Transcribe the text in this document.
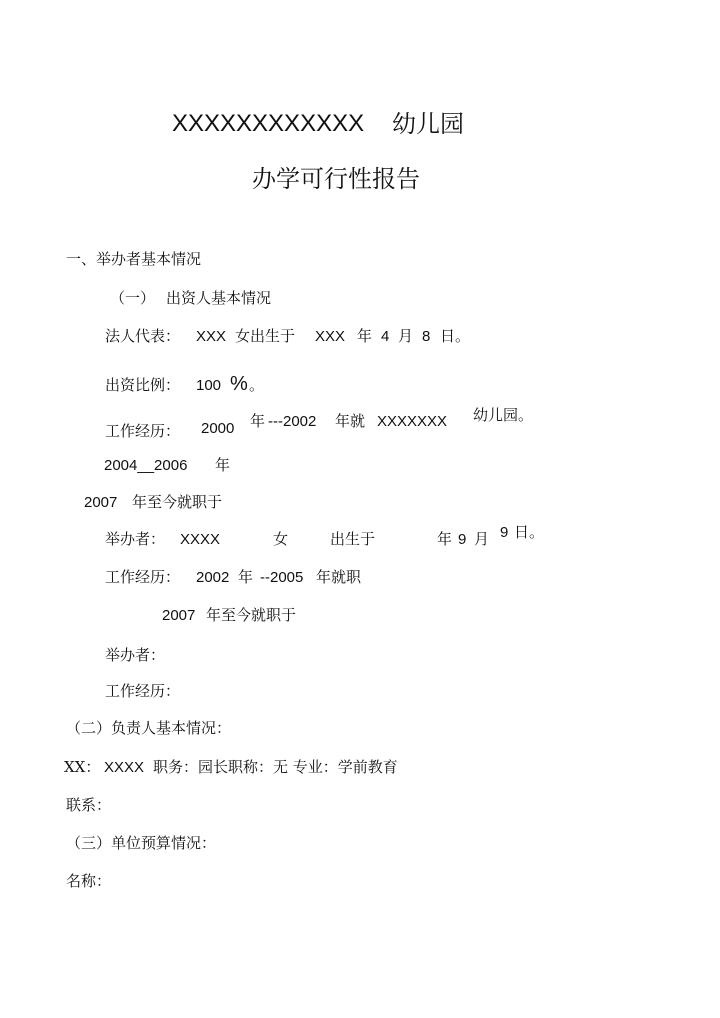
XXXXXXXXXXXX 幼儿园
办学可行性报告
一、举办者基本情况
（一） 出资人基本情况
法人代表： XXX 女出生于 XXX 年 4 月 8 日。
出资比例： 100 % 。
工作经历： 2000 年 ---2002 年就 XXXXXXX 幼儿园。
2004__2006 年
2007 年至今就职于
举办者： XXXX	女	出生于	年 9 月 9 日。
工作经历： 2002 年 --2005 年就职
2007 年至今就职于
举办者：
工作经历：
（二）负责人基本情况：
XX： XXXX 职务：园长职称：无 专业：学前教育
联系：
（三）单位预算情况：
名称：
